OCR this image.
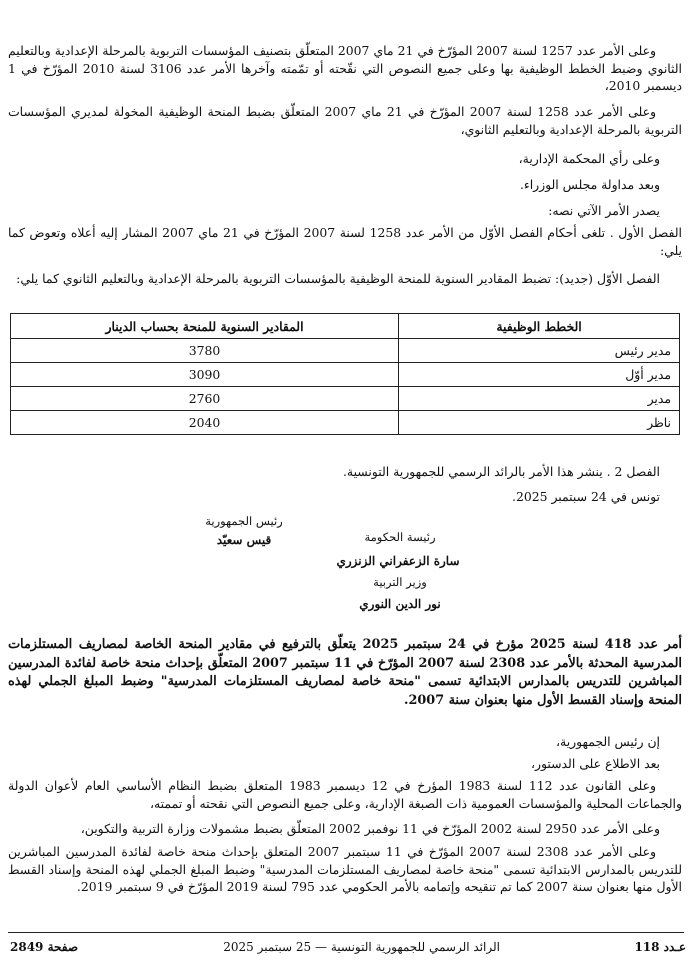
وعلى الأمر عدد 1257 لسنة 2007 المؤرّخ في 21 ماي 2007 المتعلّق بتصنيف المؤسسات التربوية بالمرحلة الإعدادية وبالتعليم الثانوي وضبط الخطط الوظيفية بها وعلى جميع النصوص التي نقّحته أو تمّمته وآخرها الأمر عدد 3106 لسنة 2010 المؤرّخ في 1 ديسمبر 2010،

وعلى الأمر عدد 1258 لسنة 2007 المؤرّخ في 21 ماي 2007 المتعلّق بضبط المنحة الوظيفية المخولة لمديري المؤسسات التربوية بالمرحلة الإعدادية وبالتعليم الثانوي،

وعلى رأي المحكمة الإدارية،

وبعد مداولة مجلس الوزراء.

يصدر الأمر الآتي نصه:

الفصل الأول . تلغى أحكام الفصل الأوّل من الأمر عدد 1258 لسنة 2007 المؤرّخ في 21 ماي 2007 المشار إليه أعلاه وتعوض كما يلي:

الفصل الأوّل (جديد): تضبط المقادير السنوية للمنحة الوظيفية بالمؤسسات التربوية بالمرحلة الإعدادية وبالتعليم الثانوي كما يلي:

الخطط الوظيفية	المقادير السنوية للمنحة بحساب الدينار
مدير رئيس	3780
مدير أوّل	3090
مدير	2760
ناظر	2040

الفصل 2 . ينشر هذا الأمر بالرائد الرسمي للجمهورية التونسية.

تونس في 24 سبتمبر 2025.

رئيس الجمهورية
قيس سعيّد	رئيسة الحكومة
سارة الزعفراني الزنزري
وزير التربية
نور الدين النوري

أمر عدد 418 لسنة 2025 مؤرخ في 24 سبتمبر 2025 يتعلّق بالترفيع في مقادير المنحة الخاصة لمصاريف المستلزمات المدرسية المحدثة بالأمر عدد 2308 لسنة 2007 المؤرّخ في 11 سبتمبر 2007 المتعلّق بإحداث منحة خاصة لفائدة المدرسين المباشرين للتدريس بالمدارس الابتدائية تسمى "منحة خاصة لمصاريف المستلزمات المدرسية" وضبط المبلغ الجملي لهذه المنحة وإسناد القسط الأول منها بعنوان سنة 2007.

إن رئيس الجمهورية،

بعد الاطلاع على الدستور،

وعلى القانون عدد 112 لسنة 1983 المؤرخ في 12 ديسمبر 1983 المتعلق بضبط النظام الأساسي العام لأعوان الدولة والجماعات المحلية والمؤسسات العمومية ذات الصبغة الإدارية، وعلى جميع النصوص التي نقحته أو تممته،

وعلى الأمر عدد 2950 لسنة 2002 المؤرّخ في 11 نوفمبر 2002 المتعلّق بضبط مشمولات وزارة التربية والتكوين،

وعلى الأمر عدد 2308 لسنة 2007 المؤرّخ في 11 سبتمبر 2007 المتعلق بإحداث منحة خاصة لفائدة المدرسين المباشرين للتدريس بالمدارس الابتدائية تسمى "منحة خاصة لمصاريف المستلزمات المدرسية" وضبط المبلغ الجملي لهذه المنحة وإسناد القسط الأول منها بعنوان سنة 2007 كما تم تنقيحه وإتمامه بالأمر الحكومي عدد 795 لسنة 2019 المؤرّخ في 9 سبتمبر 2019.

عـدد 118
الرائد الرسمي للجمهورية التونسية — 25 سبتمبر 2025
صفحة 2849
